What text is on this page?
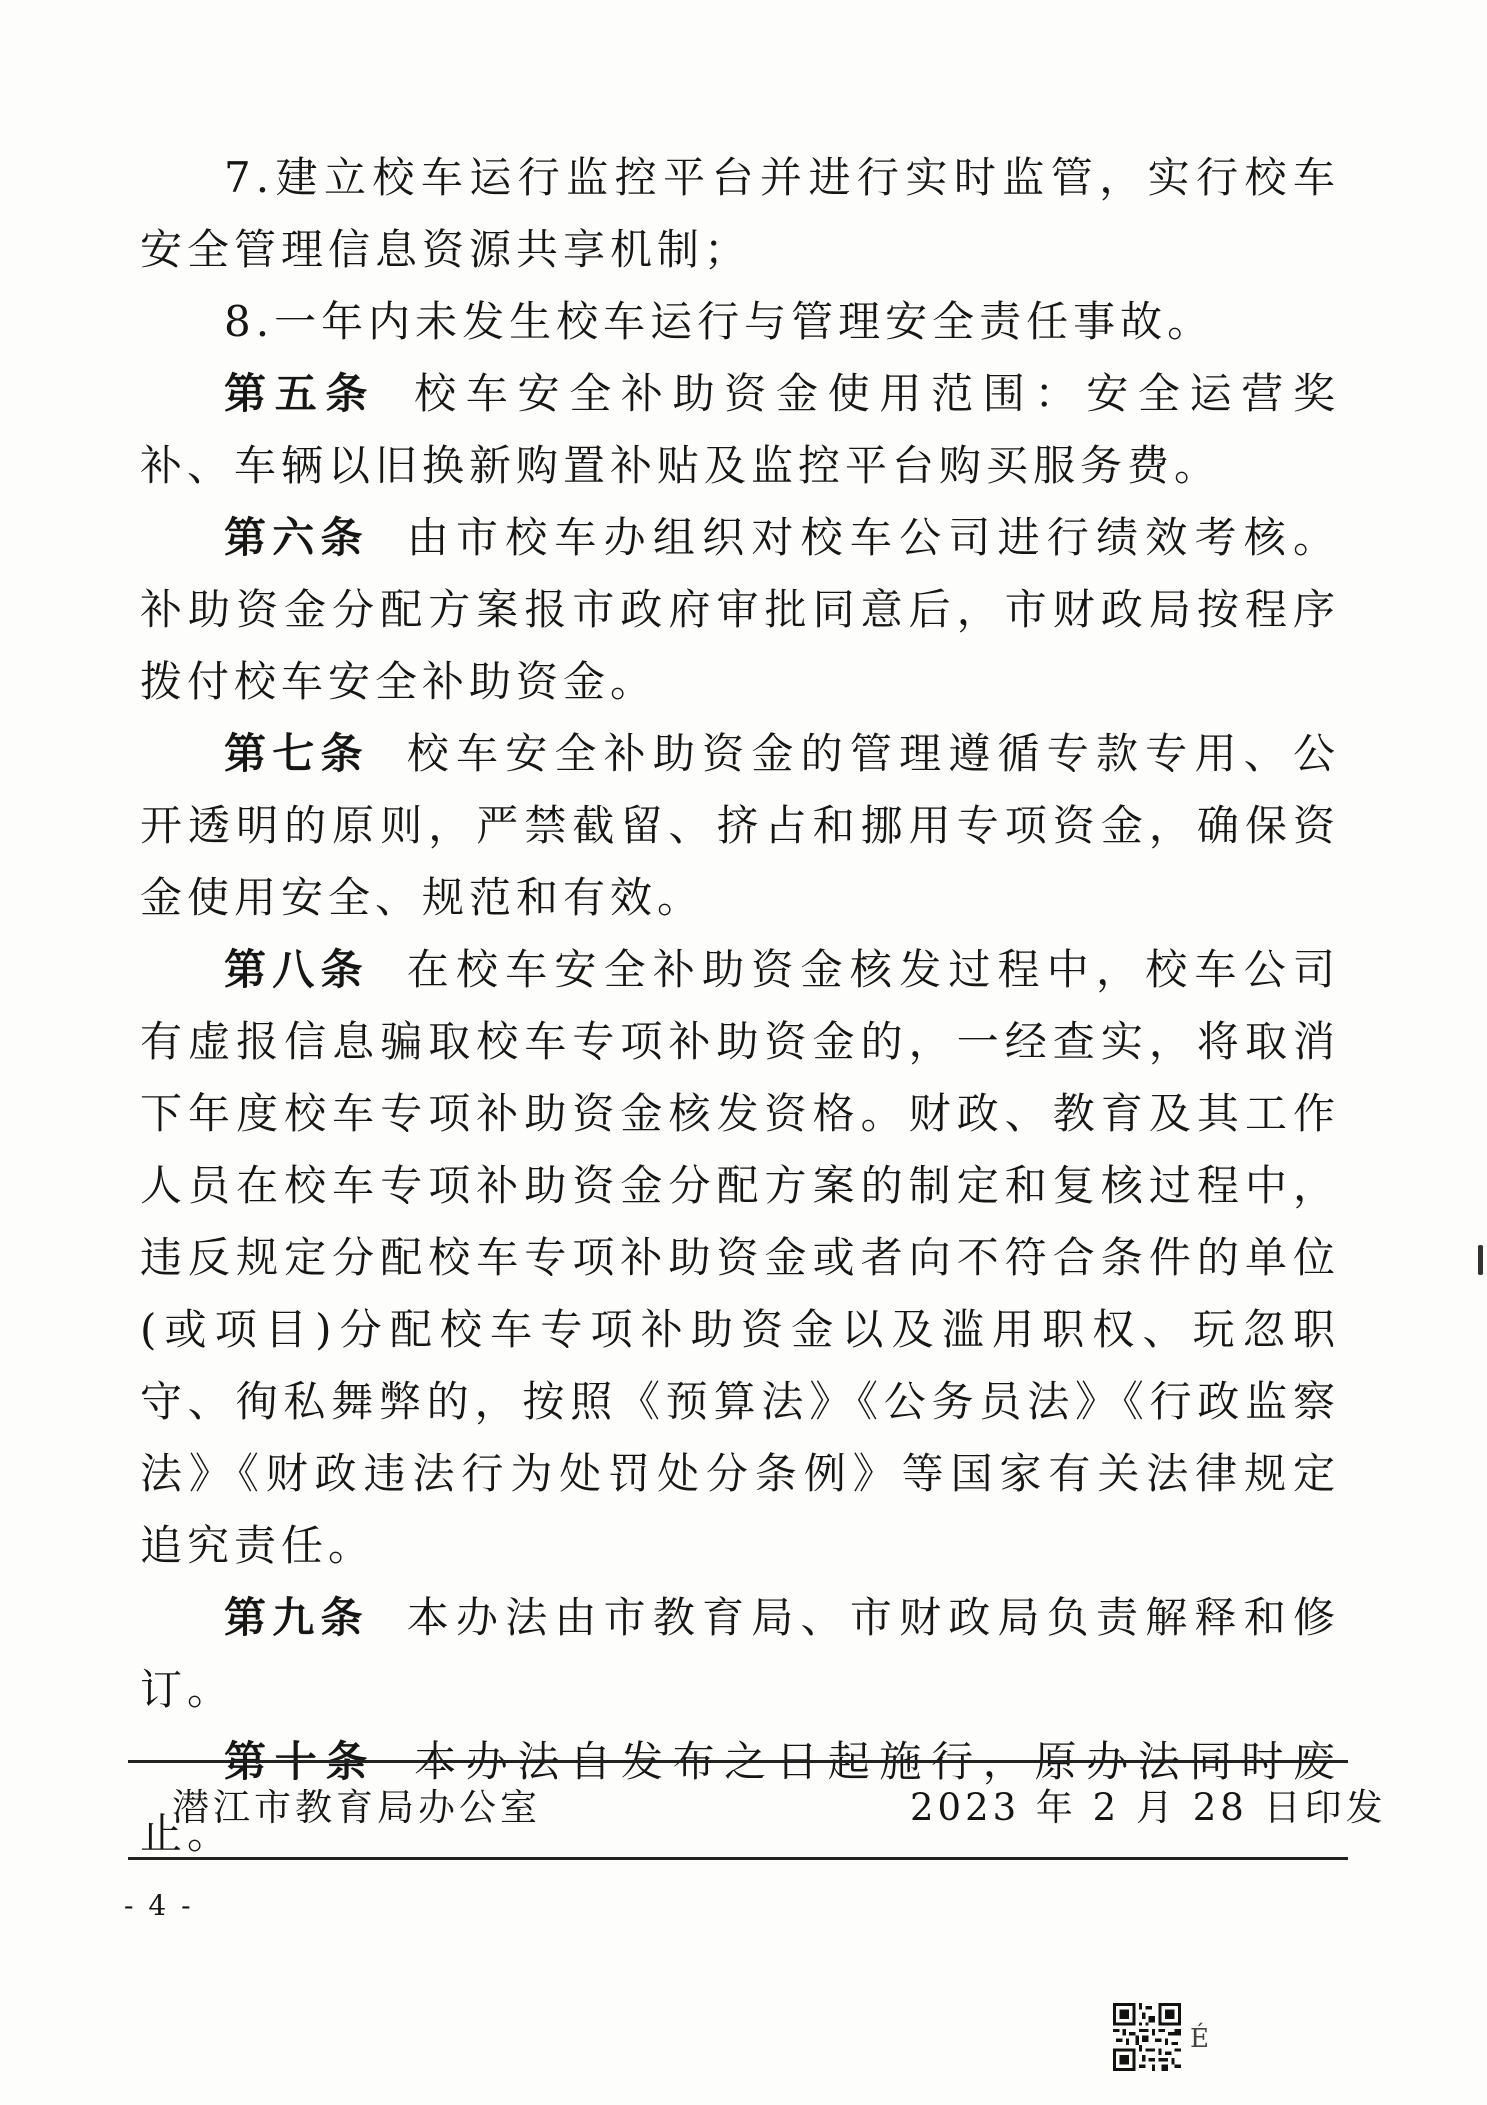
7.建立校车运行监控平台并进行实时监管，实行校车安全管理信息资源共享机制；

8.一年内未发生校车运行与管理安全责任事故。

第五条 校车安全补助资金使用范围：安全运营奖补、车辆以旧换新购置补贴及监控平台购买服务费。

第六条 由市校车办组织对校车公司进行绩效考核。补助资金分配方案报市政府审批同意后，市财政局按程序拨付校车安全补助资金。

第七条 校车安全补助资金的管理遵循专款专用、公开透明的原则，严禁截留、挤占和挪用专项资金，确保资金使用安全、规范和有效。

第八条 在校车安全补助资金核发过程中，校车公司有虚报信息骗取校车专项补助资金的，一经查实，将取消下年度校车专项补助资金核发资格。财政、教育及其工作人员在校车专项补助资金分配方案的制定和复核过程中，违反规定分配校车专项补助资金或者向不符合条件的单位(或项目)分配校车专项补助资金以及滥用职权、玩忽职守、徇私舞弊的，按照《预算法》《公务员法》《行政监察法》《财政违法行为处罚处分条例》等国家有关法律规定追究责任。

第九条 本办法由市教育局、市财政局负责解释和修订。

第十条 本办法自发布之日起施行，原办法同时废止。

潜江市教育局办公室	2023 年 2 月 28 日印发
- 4 -
É
